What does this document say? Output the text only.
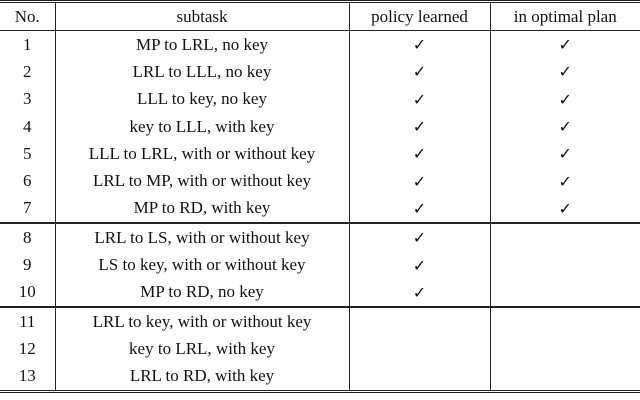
No.	subtask	policy learned	in optimal plan
1	MP to LRL, no key	✓	✓
2	LRL to LLL, no key	✓	✓
3	LLL to key, no key	✓	✓
4	key to LLL, with key	✓	✓
5	LLL to LRL, with or without key	✓	✓
6	LRL to MP, with or without key	✓	✓
7	MP to RD, with key	✓	✓
8	LRL to LS, with or without key	✓	
9	LS to key, with or without key	✓	
10	MP to RD, no key	✓	
11	LRL to key, with or without key		
12	key to LRL, with key		
13	LRL to RD, with key		
